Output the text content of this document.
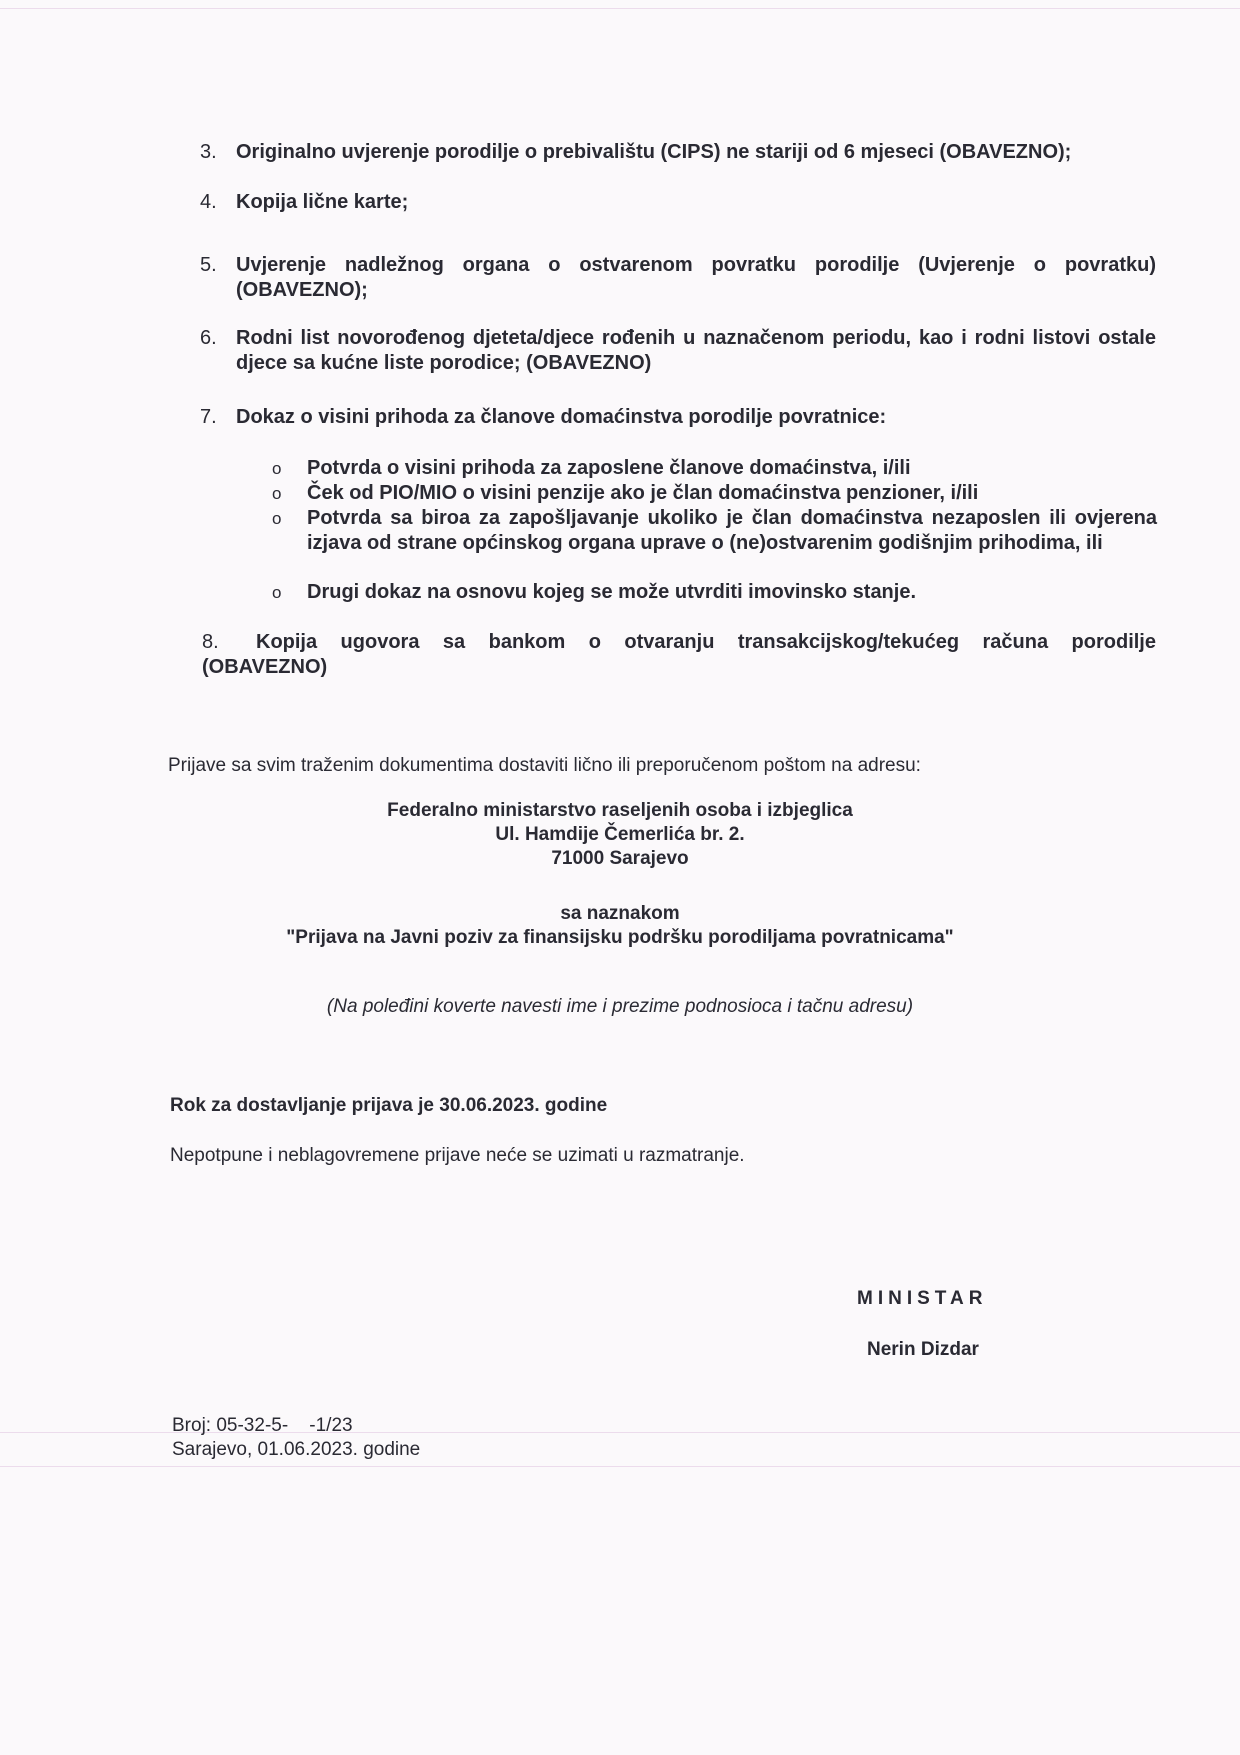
3. Originalno uvjerenje porodilje o prebivalištu (CIPS) ne stariji od 6 mjeseci (OBAVEZNO);
4. Kopija lične karte;
5. Uvjerenje nadležnog organa o ostvarenom povratku porodilje (Uvjerenje o povratku) (OBAVEZNO);
6. Rodni list novorođenog djeteta/djece rođenih u naznačenom periodu, kao i rodni listovi ostale djece sa kućne liste porodice; (OBAVEZNO)
7. Dokaz o visini prihoda za članove domaćinstva porodilje povratnice:
o Potvrda o visini prihoda za zaposlene članove domaćinstva, i/ili
o Ček od PIO/MIO o visini penzije ako je član domaćinstva penzioner, i/ili
o Potvrda sa biroa za zapošljavanje ukoliko je član domaćinstva nezaposlen ili ovjerena izjava od strane općinskog organa uprave o (ne)ostvarenim godišnjim prihodima, ili
o Drugi dokaz na osnovu kojeg se može utvrditi imovinsko stanje.
8. Kopija ugovora sa bankom o otvaranju transakcijskog/tekućeg računa porodilje
(OBAVEZNO)
Prijave sa svim traženim dokumentima dostaviti lično ili preporučenom poštom na adresu:
Federalno ministarstvo raseljenih osoba i izbjeglica
Ul. Hamdije Čemerlića br. 2.
71000 Sarajevo
sa naznakom
"Prijava na Javni poziv za finansijsku podršku porodiljama povratnicama"
(Na poleđini koverte navesti ime i prezime podnosioca i tačnu adresu)
Rok za dostavljanje prijava je 30.06.2023. godine
Nepotpune i neblagovremene prijave neće se uzimati u razmatranje.
MINISTAR
Nerin Dizdar
Broj: 05-32-5-    -1/23
Sarajevo, 01.06.2023. godine
